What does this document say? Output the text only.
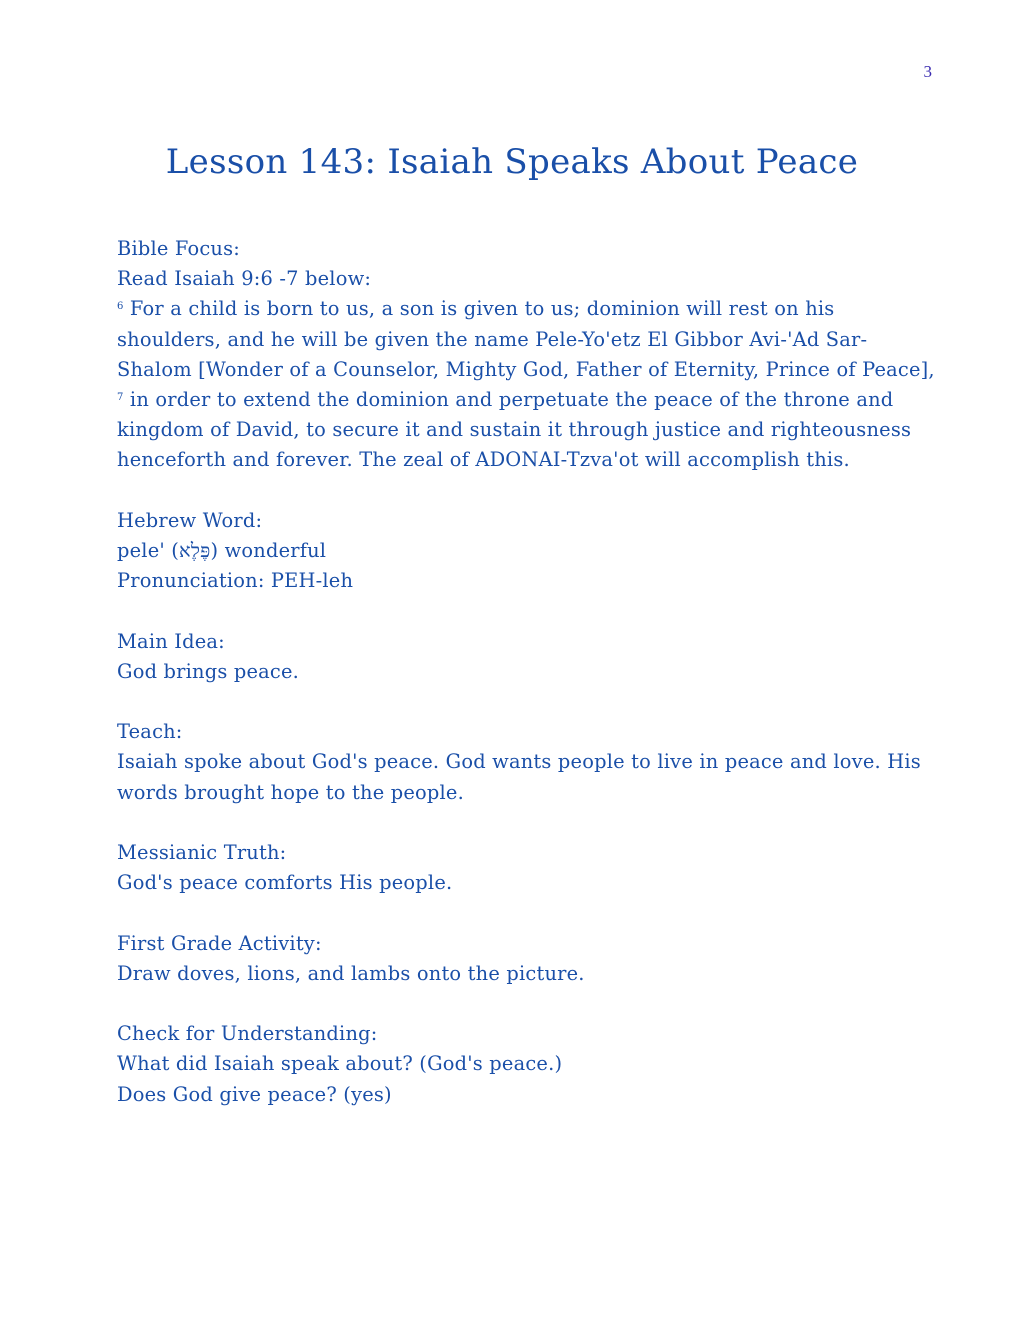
3
Lesson 143: Isaiah Speaks About Peace
Bible Focus:
Read Isaiah 9:6 -7 below:
$^6$ For a child is born to us, a son is given to us; dominion will rest on his
shoulders, and he will be given the name Pele-Yo'etz El Gibbor Avi-'Ad Sar-
Shalom [Wonder of a Counselor, Mighty God, Father of Eternity, Prince of Peace],
$^7$ in order to extend the dominion and perpetuate the peace of the throne and
kingdom of David, to secure it and sustain it through justice and righteousness
henceforth and forever. The zeal of ADONAI-Tzva'ot will accomplish this.
Hebrew Word:
pele' (פֶּלֶא) wonderful
Pronunciation: PEH-leh
Main Idea:
God brings peace.
Teach:
Isaiah spoke about God's peace. God wants people to live in peace and love. His
words brought hope to the people.
Messianic Truth:
God's peace comforts His people.
First Grade Activity:
Draw doves, lions, and lambs onto the picture.
Check for Understanding:
What did Isaiah speak about? (God's peace.)
Does God give peace? (yes)
